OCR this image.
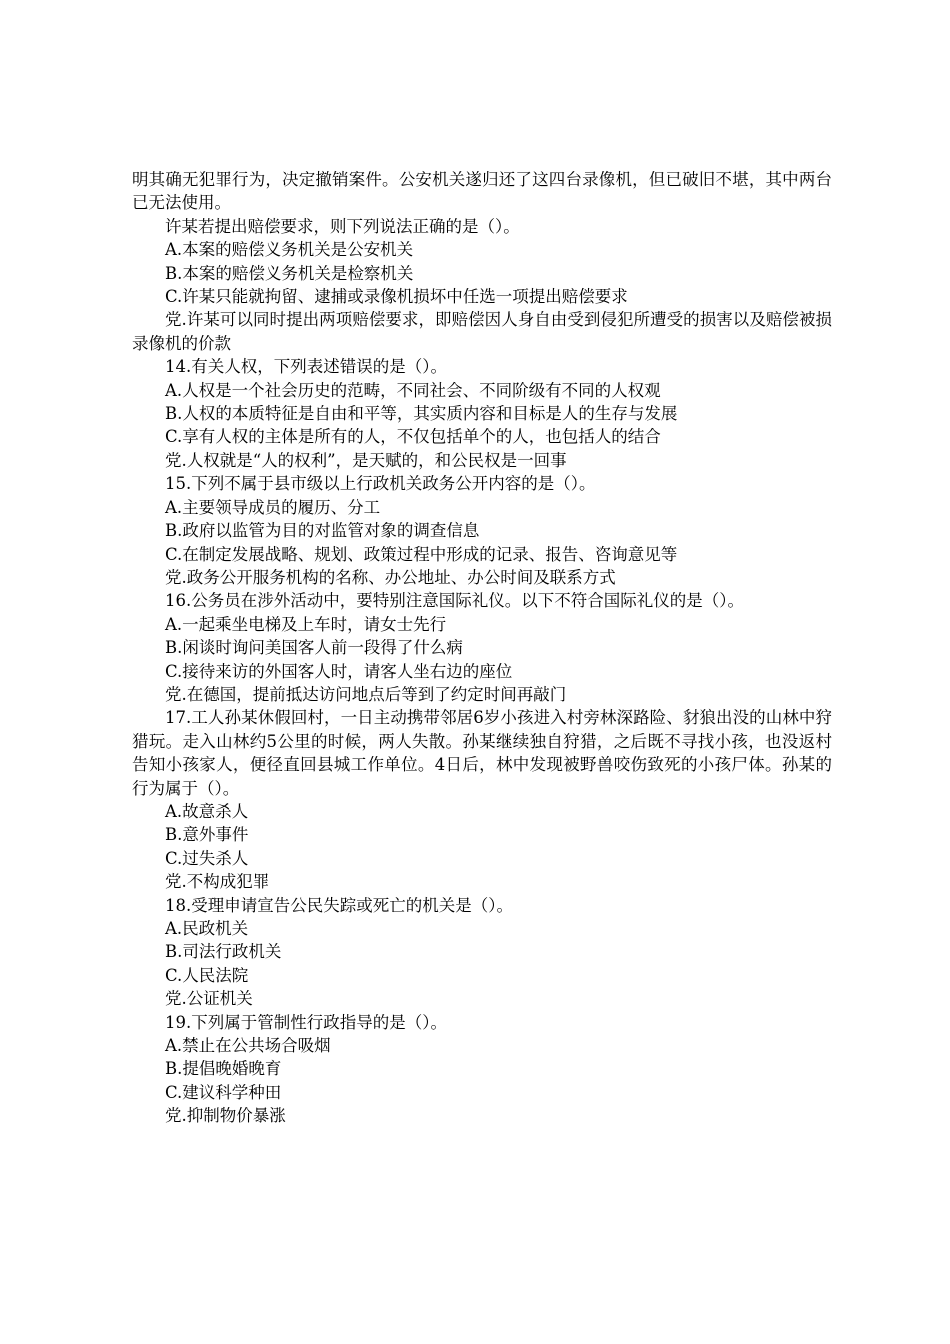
明其确无犯罪行为，决定撤销案件。公安机关遂归还了这四台录像机，但已破旧不堪，其中两台已无法使用。
许某若提出赔偿要求，则下列说法正确的是（）。
A.本案的赔偿义务机关是公安机关
B.本案的赔偿义务机关是检察机关
C.许某只能就拘留、逮捕或录像机损坏中任选一项提出赔偿要求
党.许某可以同时提出两项赔偿要求，即赔偿因人身自由受到侵犯所遭受的损害以及赔偿被损录像机的价款
14.有关人权，下列表述错误的是（）。
A.人权是一个社会历史的范畴，不同社会、不同阶级有不同的人权观
B.人权的本质特征是自由和平等，其实质内容和目标是人的生存与发展
C.享有人权的主体是所有的人，不仅包括单个的人，也包括人的结合
党.人权就是“人的权利”，是天赋的，和公民权是一回事
15.下列不属于县市级以上行政机关政务公开内容的是（）。
A.主要领导成员的履历、分工
B.政府以监管为目的对监管对象的调查信息
C.在制定发展战略、规划、政策过程中形成的记录、报告、咨询意见等
党.政务公开服务机构的名称、办公地址、办公时间及联系方式
16.公务员在涉外活动中，要特别注意国际礼仪。以下不符合国际礼仪的是（）。
A.一起乘坐电梯及上车时，请女士先行
B.闲谈时询问美国客人前一段得了什么病
C.接待来访的外国客人时，请客人坐右边的座位
党.在德国，提前抵达访问地点后等到了约定时间再敲门
17.工人孙某休假回村，一日主动携带邻居6岁小孩进入村旁林深路险、豺狼出没的山林中狩猎玩。走入山林约5公里的时候，两人失散。孙某继续独自狩猎，之后既不寻找小孩，也没返村告知小孩家人，便径直回县城工作单位。4日后，林中发现被野兽咬伤致死的小孩尸体。孙某的行为属于（）。
A.故意杀人
B.意外事件
C.过失杀人
党.不构成犯罪
18.受理申请宣告公民失踪或死亡的机关是（）。
A.民政机关
B.司法行政机关
C.人民法院
党.公证机关
19.下列属于管制性行政指导的是（）。
A.禁止在公共场合吸烟
B.提倡晚婚晚育
C.建议科学种田
党.抑制物价暴涨
